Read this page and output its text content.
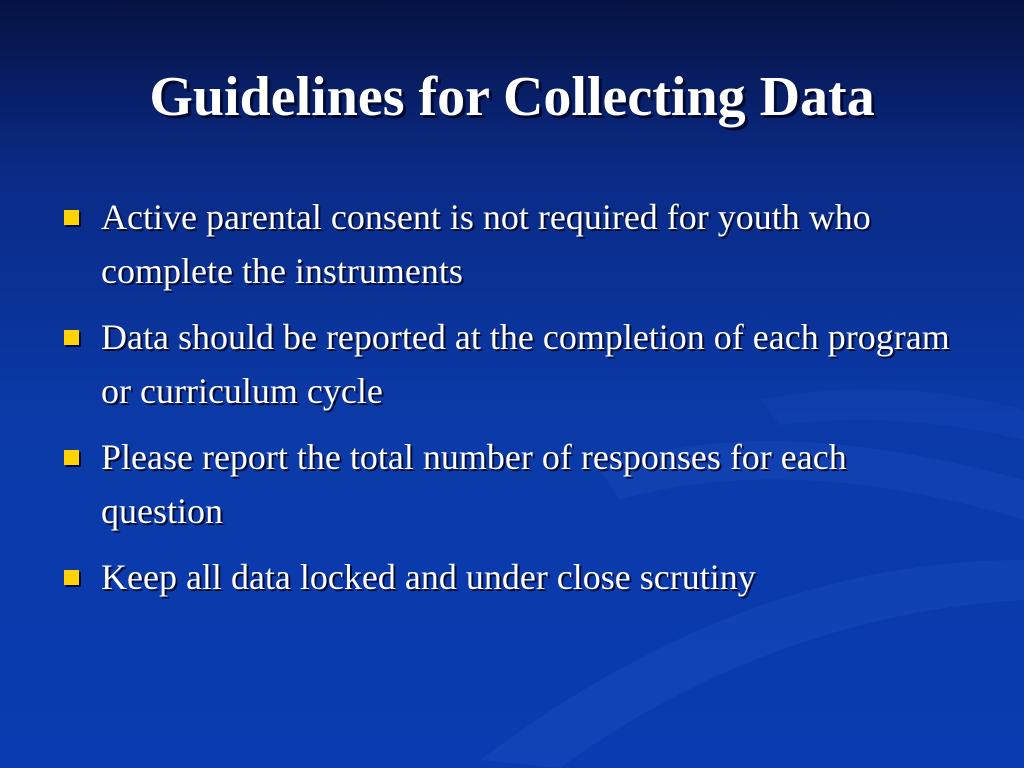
Guidelines for Collecting Data
Active parental consent is not required for youth who complete the instruments
Data should be reported at the completion of each program or curriculum cycle
Please report the total number of responses for each question
Keep all data locked and under close scrutiny
